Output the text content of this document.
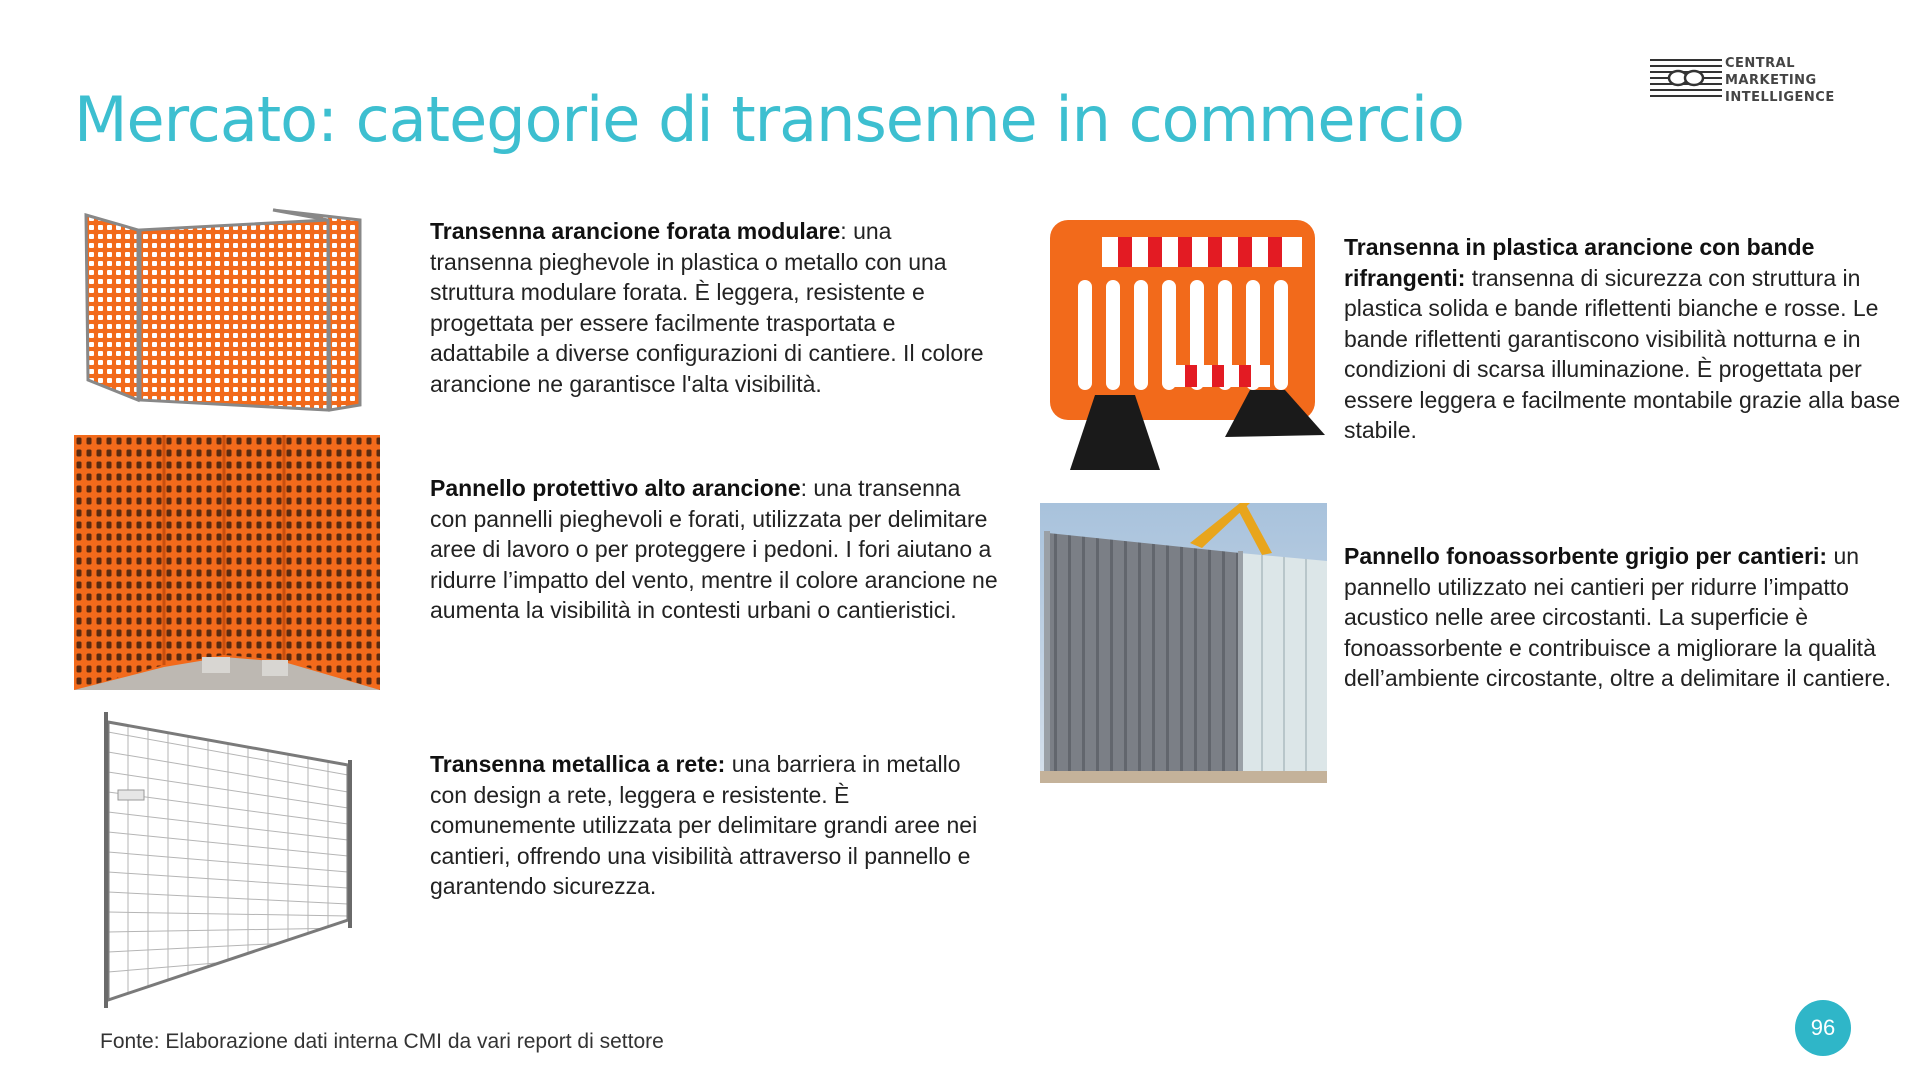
Mercato: categorie di transenne in commercio
CENTRAL
MARKETING
INTELLIGENCE

Transenna arancione forata modulare: una transenna pieghevole in plastica o metallo con una struttura modulare forata. È leggera, resistente e progettata per essere facilmente trasportata e adattabile a diverse configurazioni di cantiere. Il colore arancione ne garantisce l'alta visibilità.

Pannello protettivo alto arancione: una transenna con pannelli pieghevoli e forati, utilizzata per delimitare aree di lavoro o per proteggere i pedoni. I fori aiutano a ridurre l’impatto del vento, mentre il colore arancione ne aumenta la visibilità in contesti urbani o cantieristici.

Transenna metallica a rete: una barriera in metallo con design a rete, leggera e resistente. È comunemente utilizzata per delimitare grandi aree nei cantieri, offrendo una visibilità attraverso il pannello e garantendo sicurezza.

Transenna in plastica arancione con bande rifrangenti: transenna di sicurezza con struttura in plastica solida e bande riflettenti bianche e rosse. Le bande riflettenti garantiscono visibilità notturna e in condizioni di scarsa illuminazione. È progettata per essere leggera e facilmente montabile grazie alla base stabile.

Pannello fonoassorbente grigio per cantieri: un pannello utilizzato nei cantieri per ridurre l’impatto acustico nelle aree circostanti. La superficie è fonoassorbente e contribuisce a migliorare la qualità dell’ambiente circostante, oltre a delimitare il cantiere.

Fonte: Elaborazione dati interna CMI da vari report di settore
96
